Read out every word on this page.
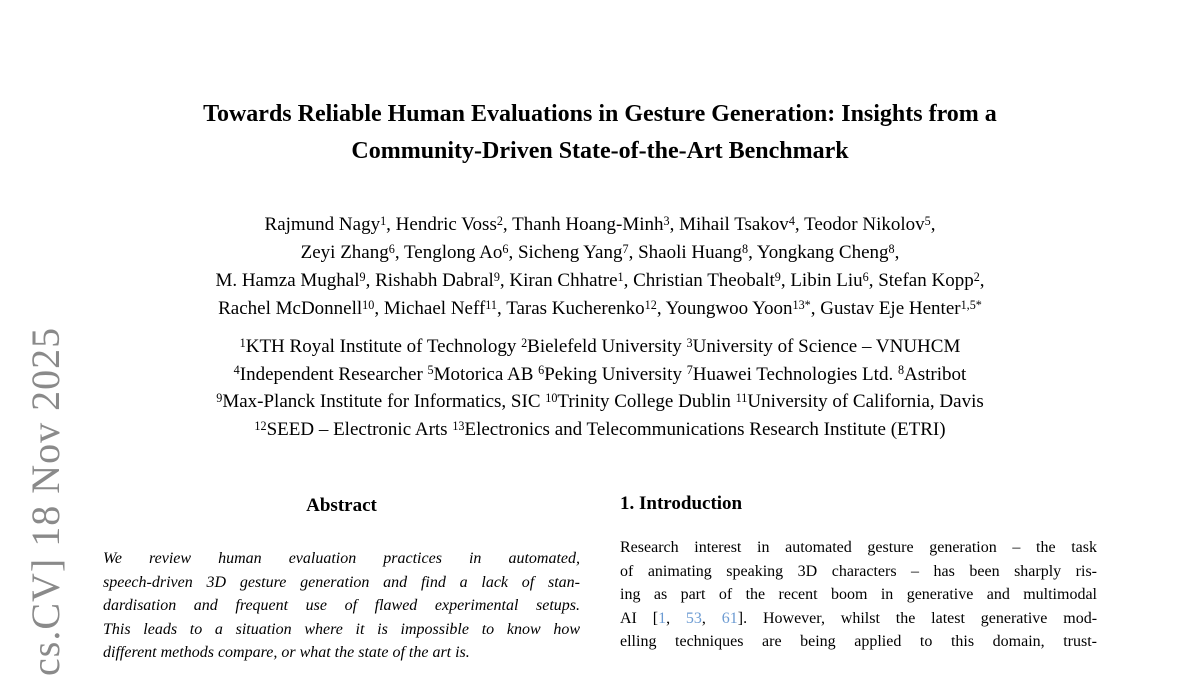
cs.CV] 18 Nov 2025
Towards Reliable Human Evaluations in Gesture Generation: Insights from a
Community-Driven State-of-the-Art Benchmark
Rajmund Nagy$^1$, Hendric Voss$^2$, Thanh Hoang-Minh$^3$, Mihail Tsakov$^4$, Teodor Nikolov$^5$,
Zeyi Zhang$^6$, Tenglong Ao$^6$, Sicheng Yang$^7$, Shaoli Huang$^8$, Yongkang Cheng$^8$,
M. Hamza Mughal$^9$, Rishabh Dabral$^9$, Kiran Chhatre$^1$, Christian Theobalt$^9$, Libin Liu$^6$, Stefan Kopp$^2$,
Rachel McDonnell$^{10}$, Michael Neff$^{11}$, Taras Kucherenko$^{12}$, Youngwoo Yoon$^{13*}$, Gustav Eje Henter$^{1,5*}$
$^1$KTH Royal Institute of Technology $^2$Bielefeld University $^3$University of Science – VNUHCM
$^4$Independent Researcher $^5$Motorica AB $^6$Peking University $^7$Huawei Technologies Ltd. $^8$Astribot
$^9$Max-Planck Institute for Informatics, SIC $^{10}$Trinity College Dublin $^{11}$University of California, Davis
$^{12}$SEED – Electronic Arts $^{13}$Electronics and Telecommunications Research Institute (ETRI)
Abstract
We review human evaluation practices in automated,
speech-driven 3D gesture generation and find a lack of stan-
dardisation and frequent use of flawed experimental setups.
This leads to a situation where it is impossible to know how
different methods compare, or what the state of the art is.
1. Introduction
Research interest in automated gesture generation – the task
of animating speaking 3D characters – has been sharply ris-
ing as part of the recent boom in generative and multimodal
AI [1, 53, 61]. However, whilst the latest generative mod-
elling techniques are being applied to this domain, trust-
